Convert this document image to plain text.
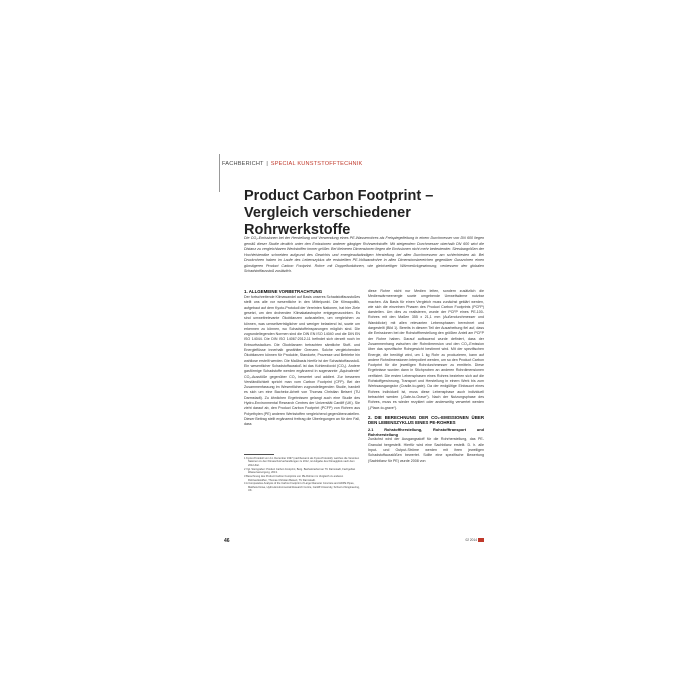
FACHBERICHT | SPECIAL KUNSTSTOFFTECHNIK
Product Carbon Footprint – Vergleich verschiedener Rohrwerkstoffe
Die CO₂-Emissionen bei der Herstellung und Verwendung eines PE-Wasserrohres als Freispiegelleitung in einem Durchmesser von DN 600 liegen gemäß dieser Studie deutlich unter den Emissionen anderer gängiger Rohrwerkstoffe. Mit steigendem Durchmesser oberhalb DN 600 wird die Distanz zu vergleichbaren Werkstoffen immer größer. Bei kleineren Dimensionen liegen die Emissionen nicht mehr bedeutender. Streubargrößen der Hochleistendbe schneiden aufgrund des Gewichts und energieaufwändigen Herstellung bei allen Durchmessern am schlechtesten ab. Bei Druckrohren haben im Laufe des Lebenszyklus die erstuteilten PE-Vollwandrohre in allen Dimensionsbereichen gegenüber Gussrohren einen günstigeren Product Carbon Footprint. Rohre mit Doppelfunktionen, wie gleichzeitiger Wärmerückgewinnung, verbessern den globalen Schadstoffausstoß zusätzlich.
1. ALLGEMEINE VORBETRACHTUNG

Der fortschreitende Klimawandel auf Basis unseres Schadstoffausstoßes stellt uns alle vor wesentliche in den Mittelpunkt. Die Klimapolitik, aufgebaut auf dem Kyoto-Protokoll der Vereinten Nationen, hat hier Ziele gesetzt, um den drohenden Klimakatastrophe entgegenzuwirken. Es sind umweltrelevante Ökobilanzen aufzustellen, um vergleichen zu können, was umweltverträglicher und weniger belastend ist, sowie um erkennen zu können, wo Schadstoffeinsparungen möglich sind. Die zugrundeliegenden Normen sind die DIN EN ISO 14040 und die DIN EN ISO 14044. Die DIN ISO 14067:2012-11 befindet sich derzeit noch im Entwurfsstadium. Die Ökobilanzen betrachten sämtliche Stoff- und Energieflüsse innerhalb gewählter Grenzen. Solche vergleichenden Ökobilanzen können für Produkte, Standorte, Prozesse und Betriebe hin wahllose erstellt werden. Die Maßbasis hierfür ist der Schadstoffausstoß. Ein wesentlicher Schadstoffausstoß ist das Kohlendioxid (CO₂). Andere gasförmige Schadstoffe werden ergänzend in sogenannte „Äquivalente“ CO₂-Ausstöße gegenüber CO₂ bewertet und addiert. Zur besseren Verständlichkeit spricht man vom Carbon Footprint (CFP). Bei der Zusammenfassung im Wesentlichen zugrundeliegenden Studie, handelt es sich um eine Bachelor-Arbeit von Thomas Christian Beisert (TU Darmstadt). Zu ähnlichen Ergebnissen gelangt auch eine Studie des Hydro-Environmental Research Centres der Universität Cardiff (UK). Sie zieht darauf ab, den Product Carbon Footprint (PCFP) von Rohren aus Polyethylen (PE) anderen Werkstoffen vergleichend gegenüberzustellen. Dieser Beitrag stellt ergänzend freitrag die Überlegungen an für den Fall, dass

diese Rohre nicht nur Medien leiten, sondern zusätzlich die Medienwärmeenergie sowie umgebende Umweltwärme nutzbar machen. Als Basis für einen Vergleich muss zunächst geklärt werden, wie sich die einzelnen Phasen des Product Carbon Footprints (PCFP) darstellen. Um dies zu realisieren, wurde der PCFP eines PE-100-Rohres mit den Maßen 355 x 21,1 mm (Außendurchmesser und Wanddicke) mit allen relevanten Lebensphasen berechnet und dargestellt (Bild 1). Bereits in diesem Teil der Ausarbeitung fiel auf, dass die Emissionen bei der Rohstoffherstellung den größten Anteil am PCFP der Rohre haben. Darauf aufbauend wurde definiert, dass der Zusammenhang zwischen der Rohrdimension und den CO₂-Emission über das spezifische Rohrgewicht bestimmt wird. Mit der spezifischen Energie, die benötigt wird, um 1 kg Rohr zu produzieren, kann auf andere Rohrdimensionen interpoliert werden, um so den Product Carbon Footprint für die jeweiligen Rohrdurchmesser zu ermitteln. Diese Ergebnisse wurden dann in Stichproben an anderen Rohrdimensionen verifiziert. Die ersten Lebensphasen eines Rohres beziehen sich auf die Rohstoffgewinnung, Transport und Herstellung in einem Werk bis zum Werksausgangstor (Cradle-to-gate). Da der endgültige Einbauort eines Rohres individuell ist, muss diese Lebensphase auch individuell betrachtet werden („Gate-to-Grave“). Nach der Nutzungsphase des Rohres, muss es wieder rezyklert oder anderweitig verwertet werden („Place-to-grave“).

2. DIE BERECHNUNG DER CO₂-EMISSIONEN ÜBER DEN LEBENSZYKLUS EINES PE-ROHRES
2.1 Rohstoffherstellung, Rohstofftransport und Rohrherstellung

Zunächst wird der Ausgangsstoff für die Rohrherstellung, das PE-Granulat hergestellt. Hierfür wird eine Sachbilanz erstellt. D. h. alle Input- und Output-Ströme werden mit ihren jeweiligen Schadstoffausstößen bewertet. Sollte eine spezifische Bewertung (Sachbilanz für PE) wurde 2008 von

1 Kyoto-Protokoll vom 11. Dezember 1997 (nachbenannt als Kyoto-Protokoll), welches die Vereinten Nationen zu den Klimaschutzverhandlungen zu 2012, ist Aufgabe des Klimagipfels nach dem 2012-Ziel.
2 Vgl. Steingraber: Product Carbon Footprint, Berg. Bachelorarbeit an TU Darmstadt, Fachgebiet Wasserversorgung, 2013.
3 Berechnung des Product Carbon Footprints von PE-Rohren im Vergleich zu anderen Rohrwerkstoffen, Thomas Christian Beisert, TU Darmstadt.
4 A Comparative Analysis of the Carbon Footprint of Large Diameter Concrete and HDPE Pipes, Matthew Dowe, Hydro-Environmental Research Centre, Cardiff University, School of Engineering, UK.
46	02 2014
